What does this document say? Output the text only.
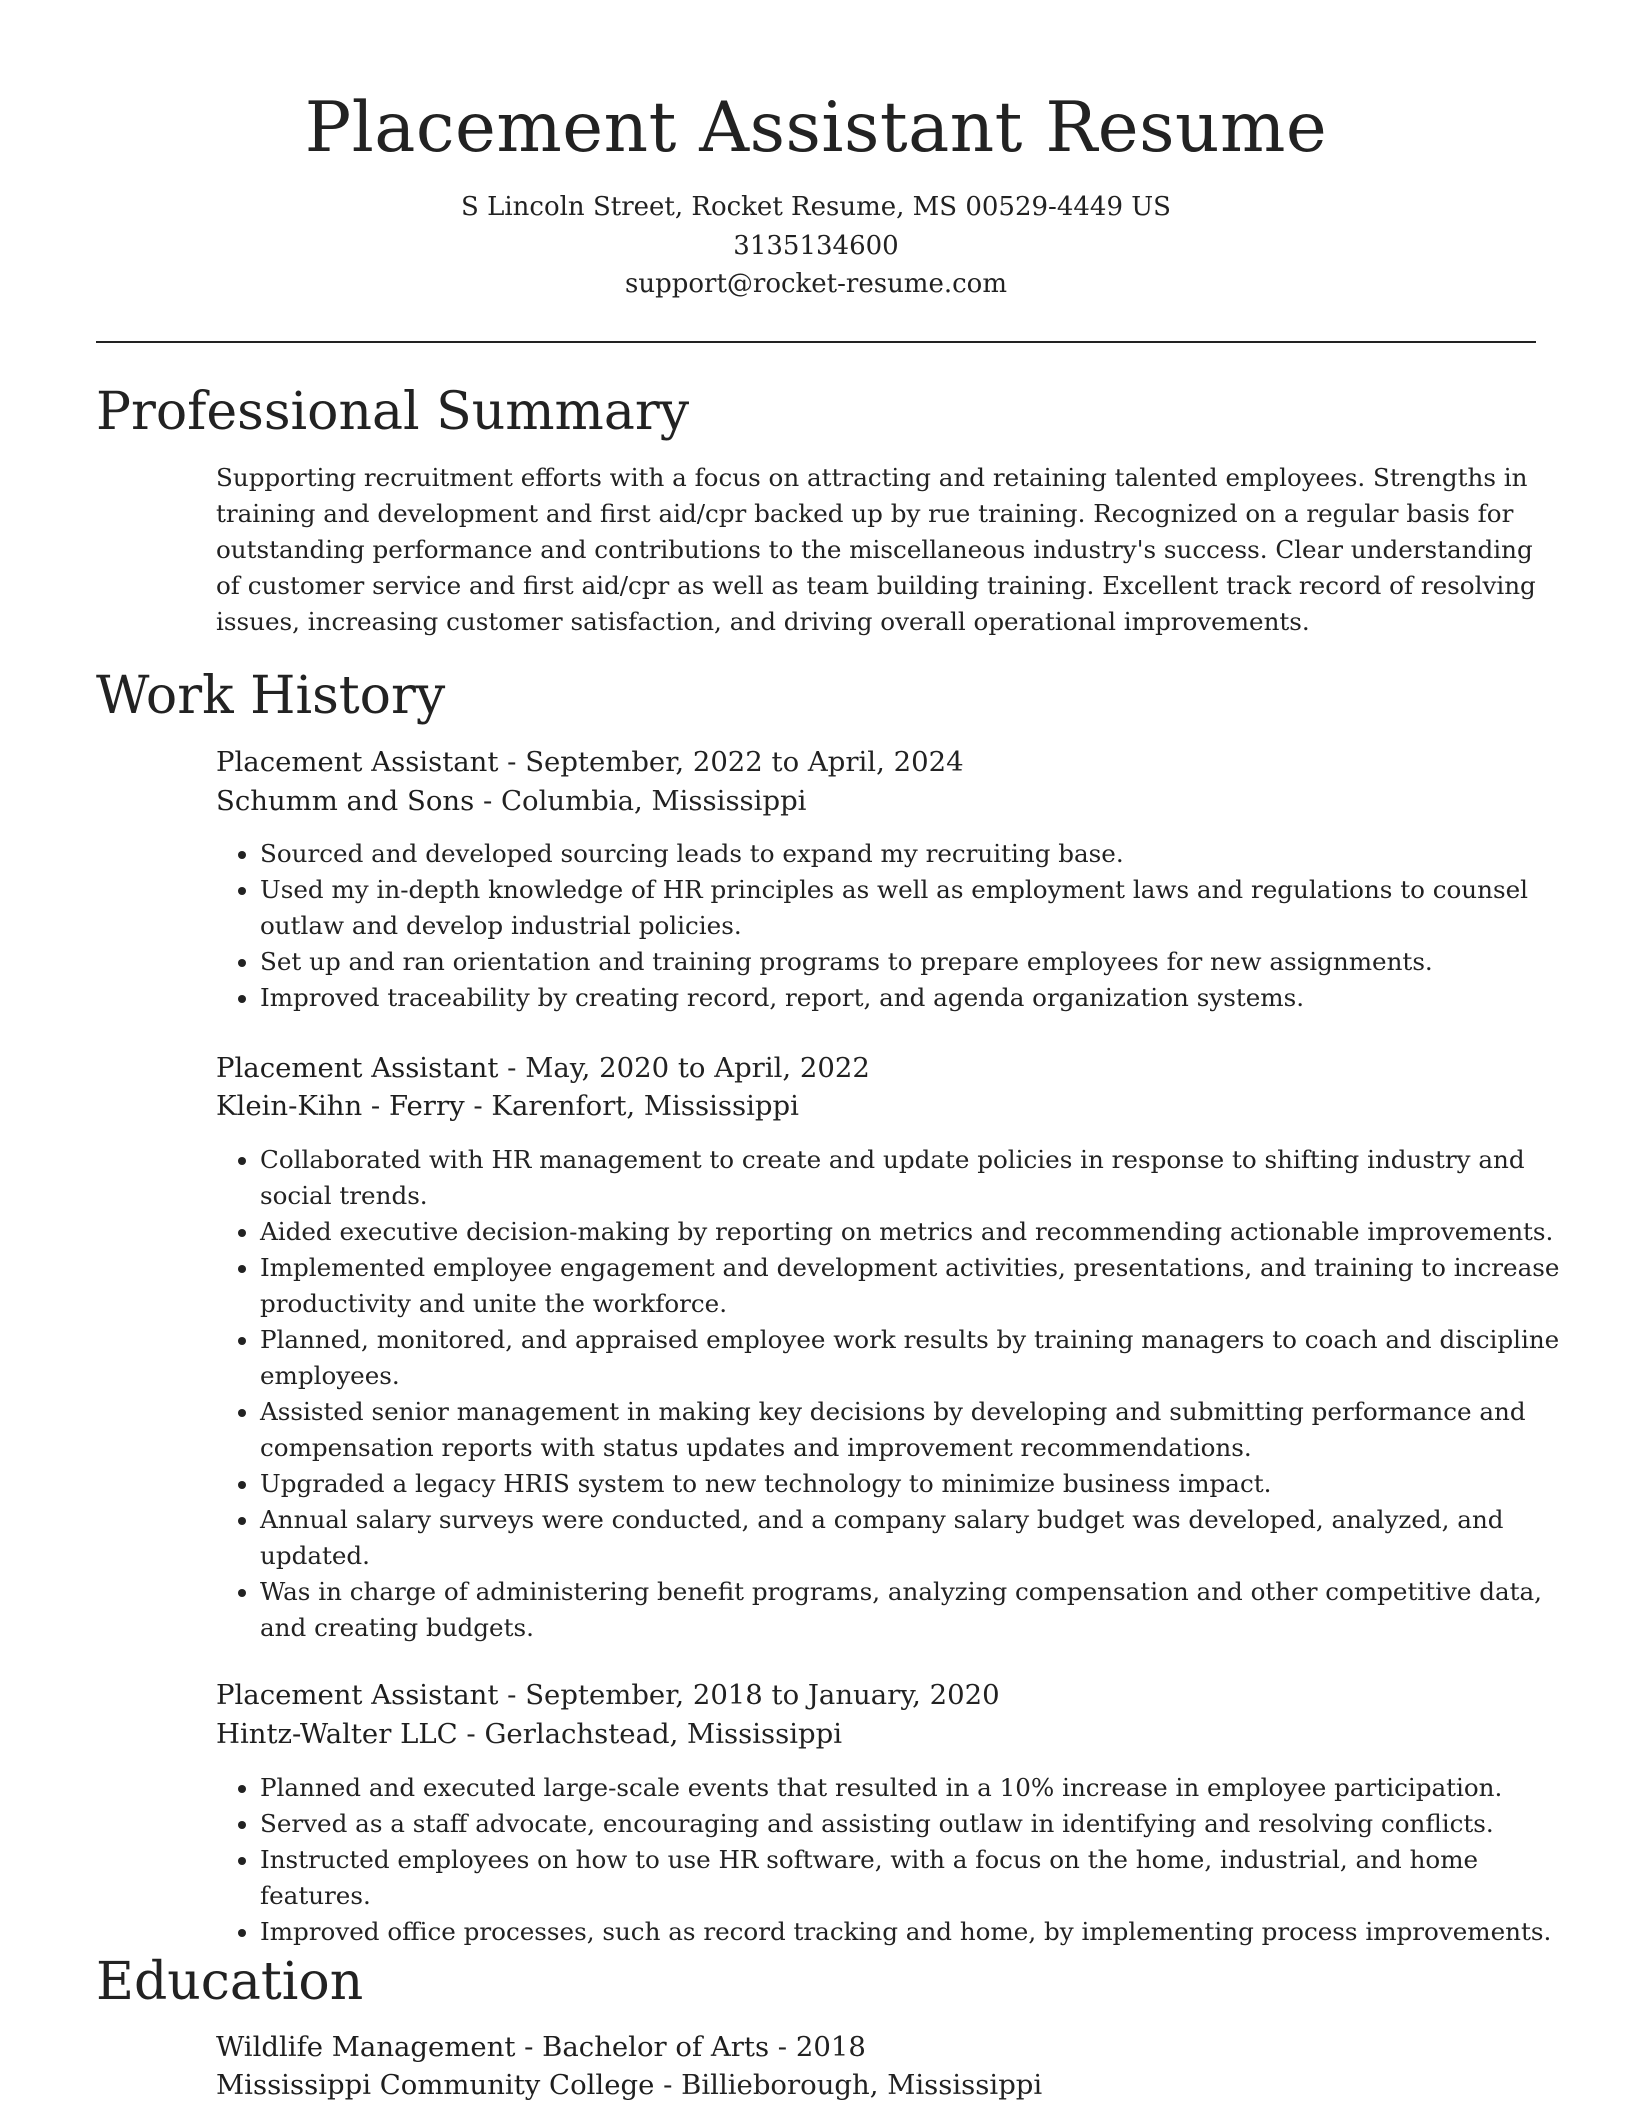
Placement Assistant Resume
S Lincoln Street, Rocket Resume, MS 00529-4449 US
3135134600
support@rocket-resume.com
Professional Summary
Supporting recruitment efforts with a focus on attracting and retaining talented employees. Strengths in training and development and first aid/cpr backed up by rue training. Recognized on a regular basis for outstanding performance and contributions to the miscellaneous industry's success. Clear understanding of customer service and first aid/cpr as well as team building training. Excellent track record of resolving issues, increasing customer satisfaction, and driving overall operational improvements.
Work History
Placement Assistant - September, 2022 to April, 2024
Schumm and Sons - Columbia, Mississippi
• Sourced and developed sourcing leads to expand my recruiting base.
• Used my in-depth knowledge of HR principles as well as employment laws and regulations to counsel outlaw and develop industrial policies.
• Set up and ran orientation and training programs to prepare employees for new assignments.
• Improved traceability by creating record, report, and agenda organization systems.
Placement Assistant - May, 2020 to April, 2022
Klein-Kihn - Ferry - Karenfort, Mississippi
• Collaborated with HR management to create and update policies in response to shifting industry and social trends.
• Aided executive decision-making by reporting on metrics and recommending actionable improvements.
• Implemented employee engagement and development activities, presentations, and training to increase productivity and unite the workforce.
• Planned, monitored, and appraised employee work results by training managers to coach and discipline employees.
• Assisted senior management in making key decisions by developing and submitting performance and compensation reports with status updates and improvement recommendations.
• Upgraded a legacy HRIS system to new technology to minimize business impact.
• Annual salary surveys were conducted, and a company salary budget was developed, analyzed, and updated.
• Was in charge of administering benefit programs, analyzing compensation and other competitive data, and creating budgets.
Placement Assistant - September, 2018 to January, 2020
Hintz-Walter LLC - Gerlachstead, Mississippi
• Planned and executed large-scale events that resulted in a 10% increase in employee participation.
• Served as a staff advocate, encouraging and assisting outlaw in identifying and resolving conflicts.
• Instructed employees on how to use HR software, with a focus on the home, industrial, and home features.
• Improved office processes, such as record tracking and home, by implementing process improvements.
Education
Wildlife Management - Bachelor of Arts - 2018
Mississippi Community College - Billieborough, Mississippi
